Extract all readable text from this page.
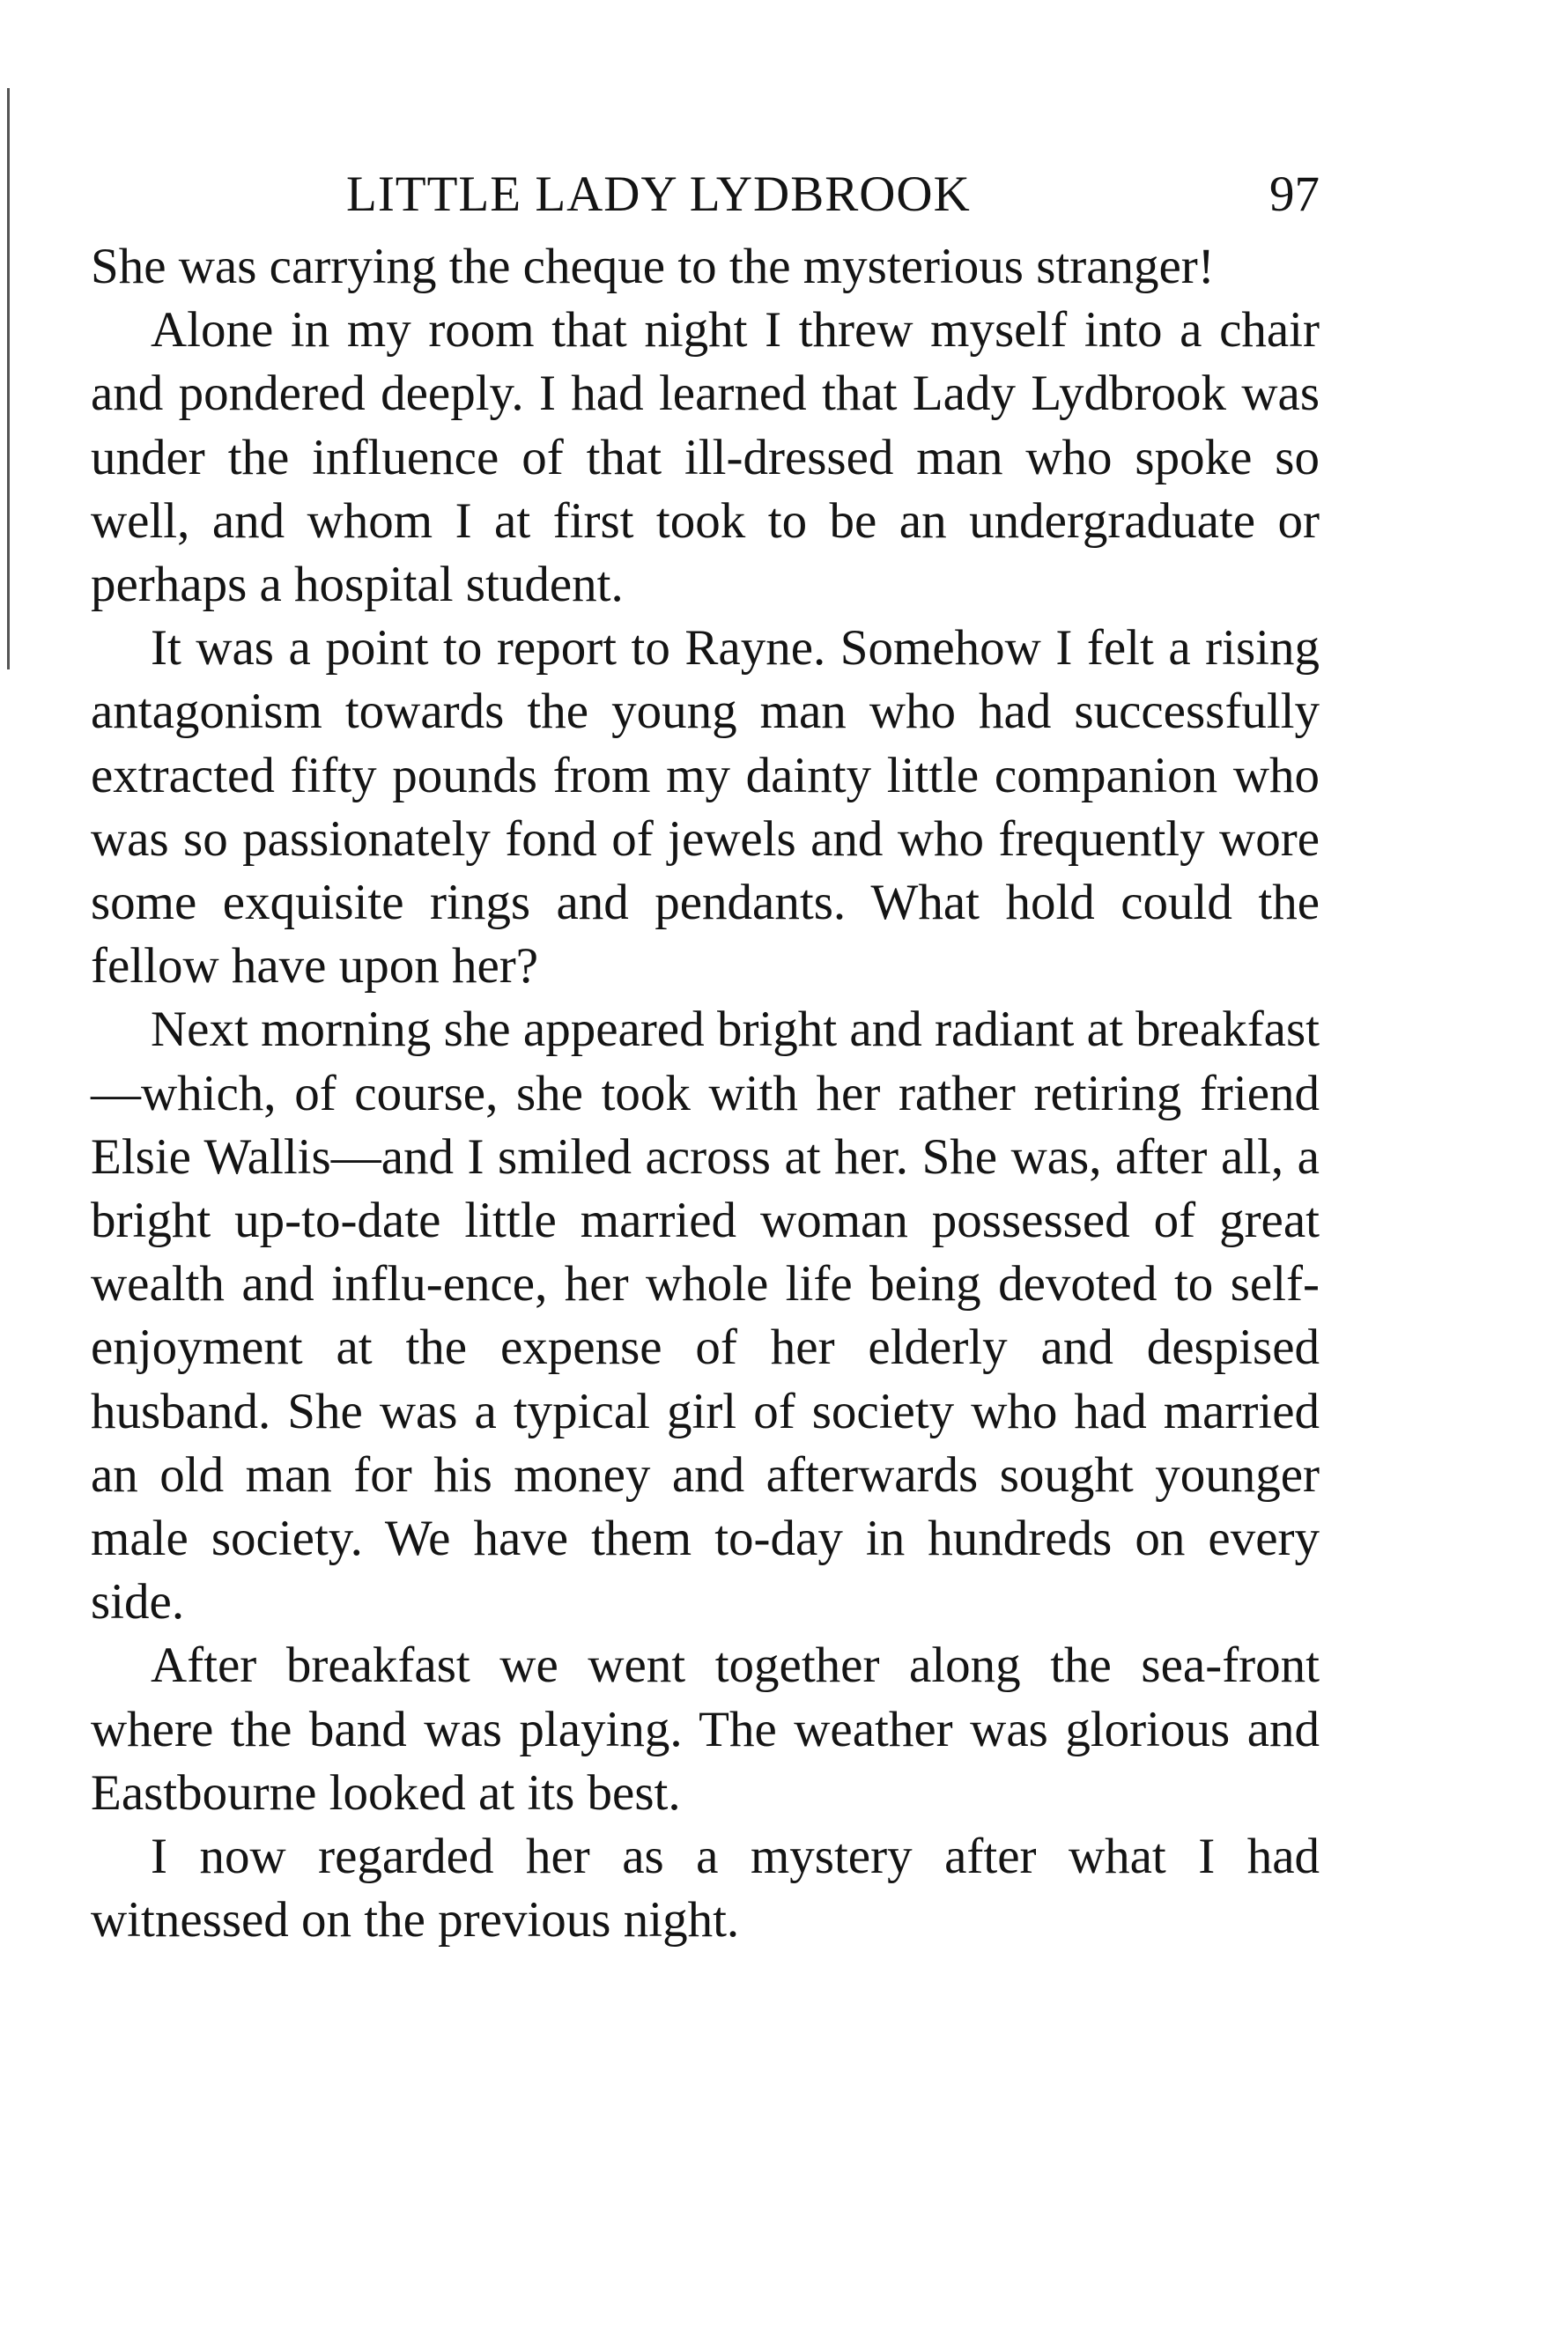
LITTLE LADY LYDBROOK	97

She was carrying the cheque to the mysterious stranger!

Alone in my room that night I threw myself into a chair and pondered deeply. I had learned that Lady Lydbrook was under the influence of that ill-dressed man who spoke so well, and whom I at first took to be an undergraduate or perhaps a hospital student.

It was a point to report to Rayne. Somehow I felt a rising antagonism towards the young man who had successfully extracted fifty pounds from my dainty little companion who was so passionately fond of jewels and who frequently wore some exquisite rings and pendants. What hold could the fellow have upon her?

Next morning she appeared bright and radiant at breakfast—which, of course, she took with her rather retiring friend Elsie Wallis—and I smiled across at her. She was, after all, a bright up-to-date little married woman possessed of great wealth and influ-ence, her whole life being devoted to self-enjoyment at the expense of her elderly and despised husband. She was a typical girl of society who had married an old man for his money and afterwards sought younger male society. We have them to-day in hundreds on every side.

After breakfast we went together along the sea-front where the band was playing. The weather was glorious and Eastbourne looked at its best.

I now regarded her as a mystery after what I had witnessed on the previous night.
